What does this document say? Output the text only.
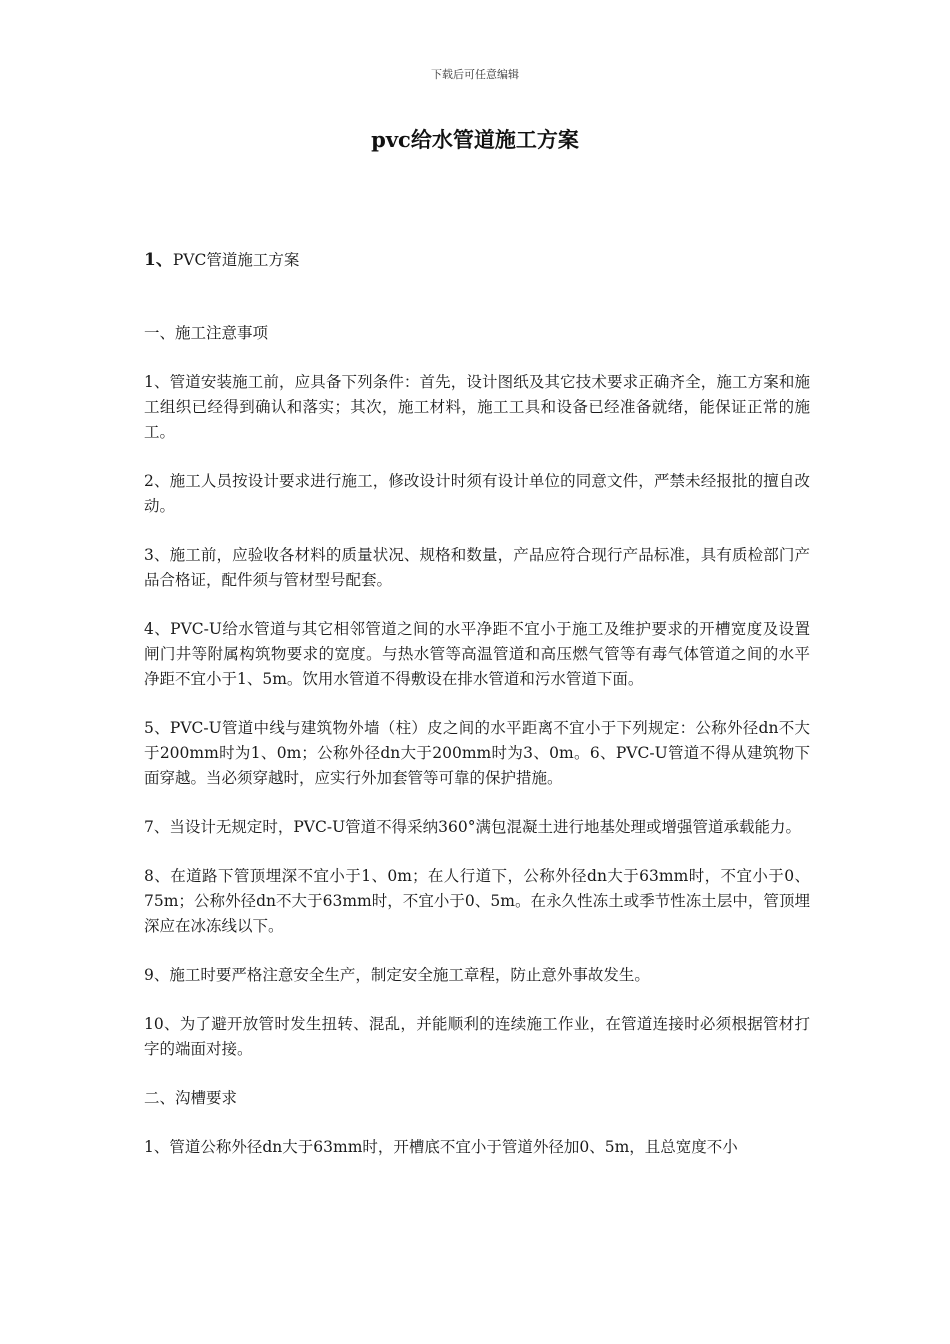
下载后可任意编辑
pvc给水管道施工方案

1、PVC管道施工方案

一、施工注意事项

1、管道安装施工前，应具备下列条件：首先，设计图纸及其它技术要求正确齐全，施工方案和施工组织已经得到确认和落实；其次，施工材料，施工工具和设备已经准备就绪，能保证正常的施工。

2、施工人员按设计要求进行施工，修改设计时须有设计单位的同意文件，严禁未经报批的擅自改动。

3、施工前，应验收各材料的质量状况、规格和数量，产品应符合现行产品标准，具有质检部门产品合格证，配件须与管材型号配套。

4、PVC-U给水管道与其它相邻管道之间的水平净距不宜小于施工及维护要求的开槽宽度及设置闸门井等附属构筑物要求的宽度。与热水管等高温管道和高压燃气管等有毒气体管道之间的水平净距不宜小于1、5m。饮用水管道不得敷设在排水管道和污水管道下面。

5、PVC-U管道中线与建筑物外墙（柱）皮之间的水平距离不宜小于下列规定：公称外径dn不大于200mm时为1、0m；公称外径dn大于200mm时为3、0m。6、PVC-U管道不得从建筑物下面穿越。当必须穿越时，应实行外加套管等可靠的保护措施。

7、当设计无规定时，PVC-U管道不得采纳360°满包混凝土进行地基处理或增强管道承载能力。

8、在道路下管顶埋深不宜小于1、0m；在人行道下，公称外径dn大于63mm时，不宜小于0、75m；公称外径dn不大于63mm时，不宜小于0、5m。在永久性冻土或季节性冻土层中，管顶埋深应在冰冻线以下。

9、施工时要严格注意安全生产，制定安全施工章程，防止意外事故发生。

10、为了避开放管时发生扭转、混乱，并能顺利的连续施工作业，在管道连接时必须根据管材打字的端面对接。

二、沟槽要求

1、管道公称外径dn大于63mm时，开槽底不宜小于管道外径加0、5m，且总宽度不小
